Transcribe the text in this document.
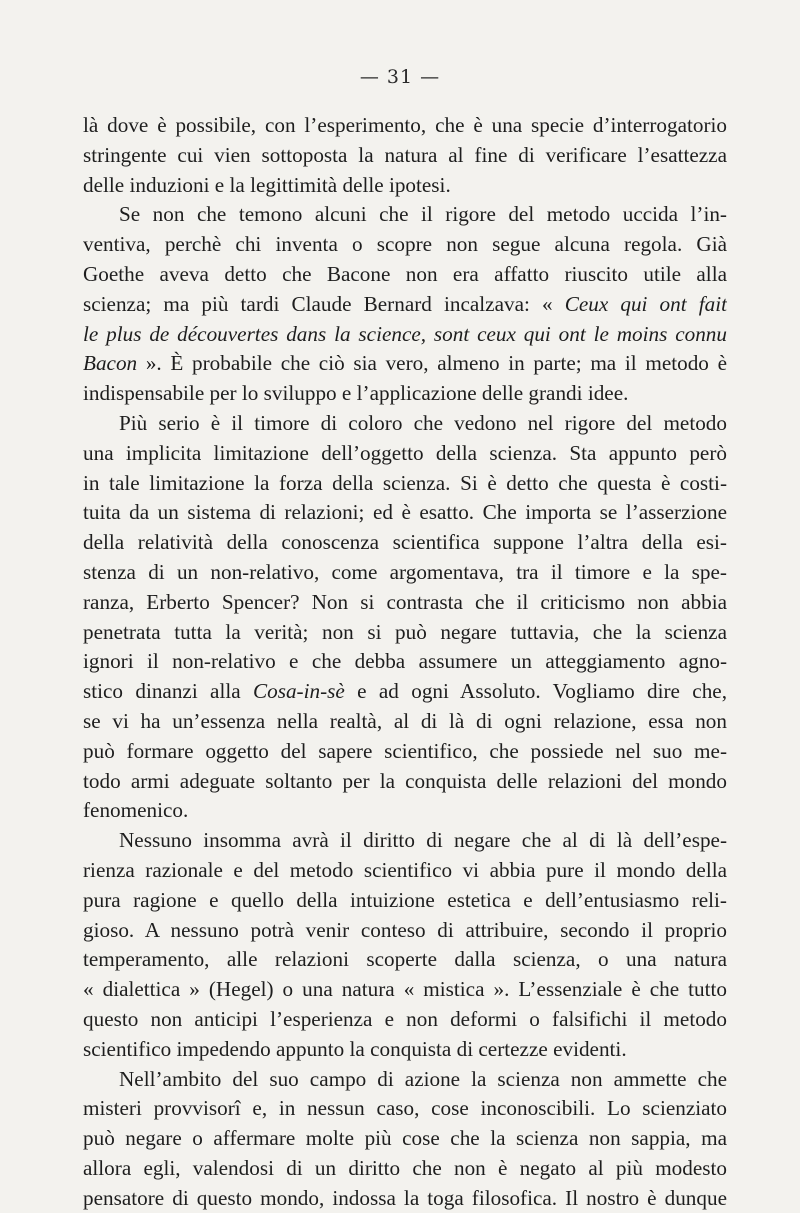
— 31 —
là dove è possibile, con l’esperimento, che è una specie d’interrogatorio
stringente cui vien sottoposta la natura al fine di verificare l’esattezza
delle induzioni e la legittimità delle ipotesi.
Se non che temono alcuni che il rigore del metodo uccida l’in-
ventiva, perchè chi inventa o scopre non segue alcuna regola. Già
Goethe aveva detto che Bacone non era affatto riuscito utile alla
scienza; ma più tardi Claude Bernard incalzava: « Ceux qui ont fait
le plus de découvertes dans la science, sont ceux qui ont le moins connu
Bacon ». È probabile che ciò sia vero, almeno in parte; ma il metodo è
indispensabile per lo sviluppo e l’applicazione delle grandi idee.
Più serio è il timore di coloro che vedono nel rigore del metodo
una implicita limitazione dell’oggetto della scienza. Sta appunto però
in tale limitazione la forza della scienza. Si è detto che questa è costi-
tuita da un sistema di relazioni; ed è esatto. Che importa se l’asserzione
della relatività della conoscenza scientifica suppone l’altra della esi-
stenza di un non-relativo, come argomentava, tra il timore e la spe-
ranza, Erberto Spencer? Non si contrasta che il criticismo non abbia
penetrata tutta la verità; non si può negare tuttavia, che la scienza
ignori il non-relativo e che debba assumere un atteggiamento agno-
stico dinanzi alla Cosa-in-sè e ad ogni Assoluto. Vogliamo dire che,
se vi ha un’essenza nella realtà, al di là di ogni relazione, essa non
può formare oggetto del sapere scientifico, che possiede nel suo me-
todo armi adeguate soltanto per la conquista delle relazioni del mondo
fenomenico.
Nessuno insomma avrà il diritto di negare che al di là dell’espe-
rienza razionale e del metodo scientifico vi abbia pure il mondo della
pura ragione e quello della intuizione estetica e dell’entusiasmo reli-
gioso. A nessuno potrà venir conteso di attribuire, secondo il proprio
temperamento, alle relazioni scoperte dalla scienza, o una natura
« dialettica » (Hegel) o una natura « mistica ». L’essenziale è che tutto
questo non anticipi l’esperienza e non deformi o falsifichi il metodo
scientifico impedendo appunto la conquista di certezze evidenti.
Nell’ambito del suo campo di azione la scienza non ammette che
misteri provvisorî e, in nessun caso, cose inconoscibili. Lo scienziato
può negare o affermare molte più cose che la scienza non sappia, ma
allora egli, valendosi di un diritto che non è negato al più modesto
pensatore di questo mondo, indossa la toga filosofica. Il nostro è dunque
